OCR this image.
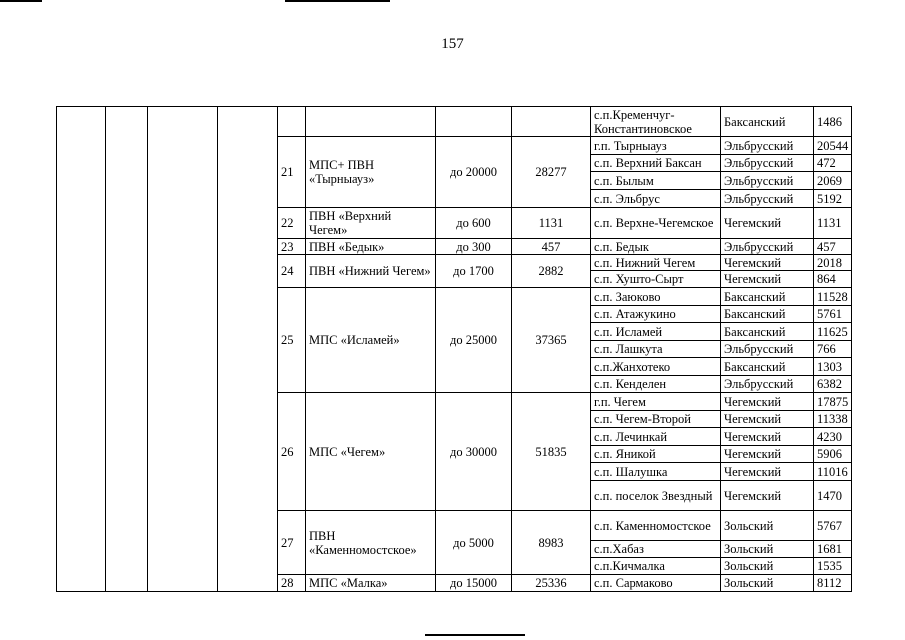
157
								с.п.Кременчуг-Константиновское	Баксанский	1486
				21	МПС+ ПВН «Тырныауз»	до 20000	28277	г.п. Тырныауз	Эльбрусский	20544
								с.п. Верхний Баксан	Эльбрусский	472
								с.п. Былым	Эльбрусский	2069
								с.п. Эльбрус	Эльбрусский	5192
				22	ПВН «Верхний Чегем»	до 600	1131	с.п. Верхне-Чегемское	Чегемский	1131
				23	ПВН «Бедык»	до 300	457	с.п. Бедык	Эльбрусский	457
				24	ПВН «Нижний Чегем»	до 1700	2882	с.п. Нижний Чегем	Чегемский	2018
								с.п. Хушто-Сырт	Чегемский	864
				25	МПС «Исламей»	до 25000	37365	с.п. Заюково	Баксанский	11528
								с.п. Атажукино	Баксанский	5761
								с.п. Исламей	Баксанский	11625
								с.п. Лашкута	Эльбрусский	766
								с.п.Жанхотеко	Баксанский	1303
								с.п. Кенделен	Эльбрусский	6382
				26	МПС «Чегем»	до 30000	51835	г.п. Чегем	Чегемский	17875
								с.п. Чегем-Второй	Чегемский	11338
								с.п. Лечинкай	Чегемский	4230
								с.п. Яникой	Чегемский	5906
								с.п. Шалушка	Чегемский	11016
								с.п. поселок Звездный	Чегемский	1470
				27	ПВН «Каменномостское»	до 5000	8983	с.п. Каменномостское	Зольский	5767
								с.п.Хабаз	Зольский	1681
								с.п.Кичмалка	Зольский	1535
				28	МПС «Малка»	до 15000	25336	с.п. Сармаково	Зольский	8112
